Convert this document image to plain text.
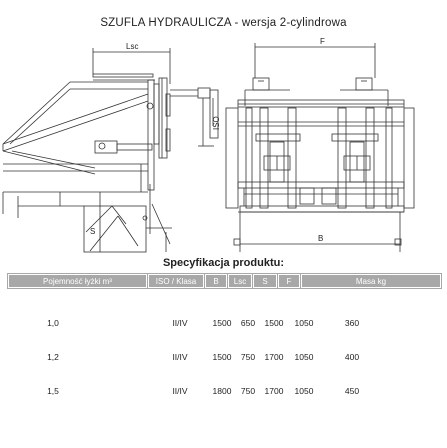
SZUFLA HYDRAULICZA - wersja 2-cylindrowa
Lsc
F
ISO
S
B
Specyfikacja produktu:
Pojemność łyżki m³	ISO / Klasa	B	Lsc	S	F	Masa kg
1,0	II/IV	1500	650	1500	1050	360
1,2	II/IV	1500	750	1700	1050	400
1,5	II/IV	1800	750	1700	1050	450
